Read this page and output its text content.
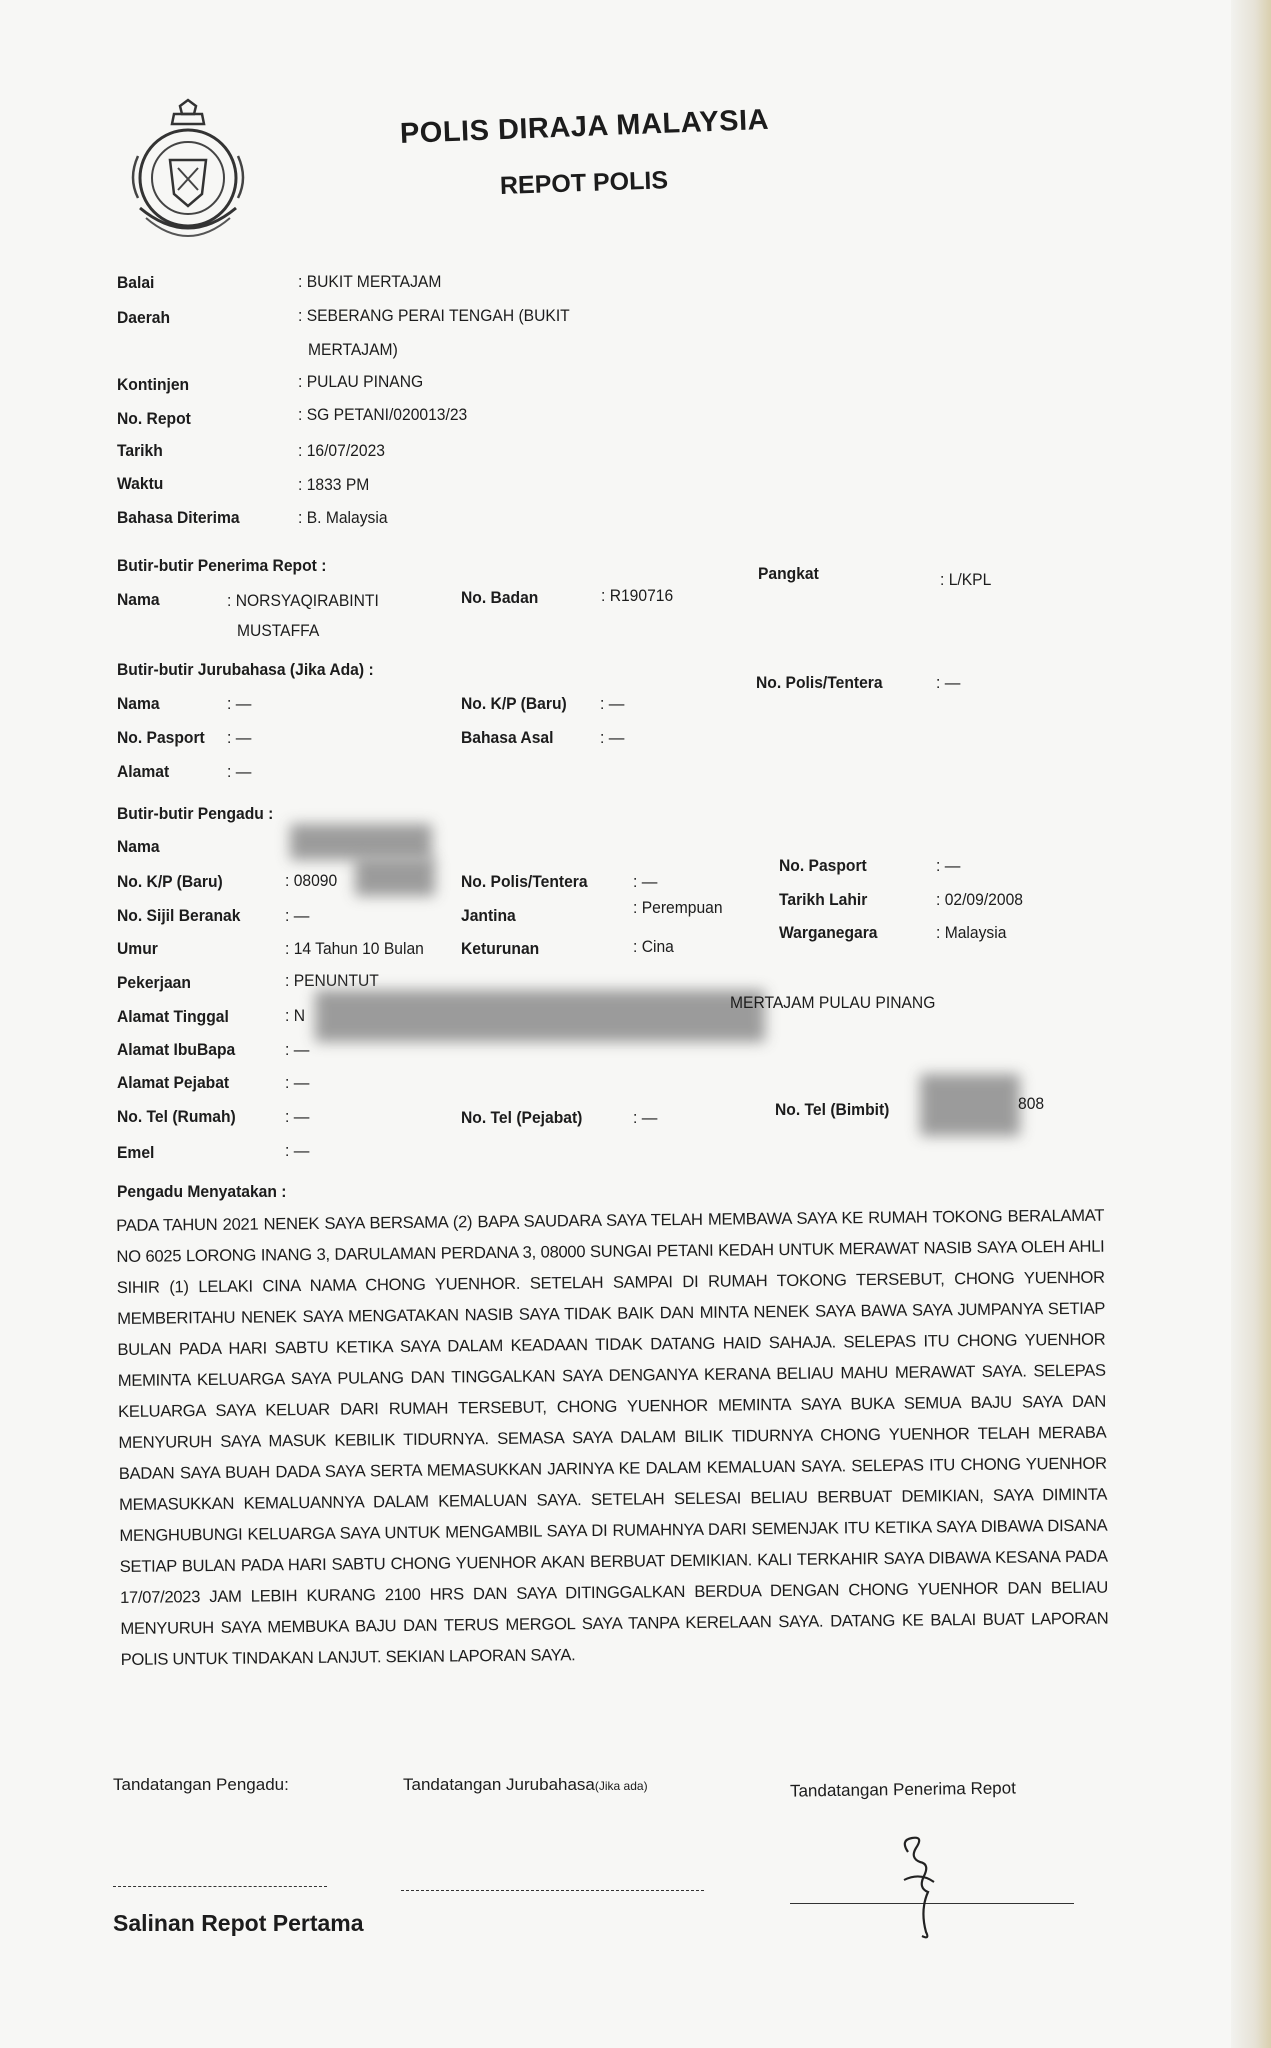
POLIS DIRAJA MALAYSIA
REPOT POLIS
Balai	: BUKIT MERTAJAM
Daerah	: SEBERANG PERAI TENGAH (BUKIT
MERTAJAM)
Kontinjen	: PULAU PINANG
No. Repot	: SG PETANI/020013/23
Tarikh	: 16/07/2023
Waktu	: 1833 PM
Bahasa Diterima	: B. Malaysia
Butir-butir Penerima Repot :
Nama	: NORSYAQIRABINTI
MUSTAFFA
No. Badan	: R190716
Pangkat	: L/KPL
Butir-butir Jurubahasa (Jika Ada) :
No. Polis/Tentera	: —
Nama	: —	No. K/P (Baru) : —
No. Pasport : —	Bahasa Asal	: —
Alamat	: —
Butir-butir Pengadu :
Nama
No. K/P (Baru)	: 08090	No. Polis/Tentera	: —
No. Pasport	: —
No. Sijil Beranak	: —	Jantina	: Perempuan	Tarikh Lahir	: 02/09/2008
Umur	: 14 Tahun 10 Bulan Keturunan	: Cina
Warganegara	: Malaysia
Pekerjaan	: PENUNTUT
Alamat Tinggal	: N
MERTAJAM PULAU PINANG
Alamat IbuBapa	: —
Alamat Pejabat	: —
No. Tel (Rumah)	: —	No. Tel (Pejabat)	: —	No. Tel (Bimbit)	808
Emel	: —
Pengadu Menyatakan :
PADA TAHUN 2021 NENEK SAYA BERSAMA (2) BAPA SAUDARA SAYA TELAH MEMBAWA SAYA KE RUMAH TOKONG BERALAMAT NO 6025 LORONG INANG 3, DARULAMAN PERDANA 3, 08000 SUNGAI PETANI KEDAH UNTUK MERAWAT NASIB SAYA OLEH AHLI SIHIR (1) LELAKI CINA NAMA CHONG YUENHOR. SETELAH SAMPAI DI RUMAH TOKONG TERSEBUT, CHONG YUENHOR MEMBERITAHU NENEK SAYA MENGATAKAN NASIB SAYA TIDAK BAIK DAN MINTA NENEK SAYA BAWA SAYA JUMPANYA SETIAP BULAN PADA HARI SABTU KETIKA SAYA DALAM KEADAAN TIDAK DATANG HAID SAHAJA. SELEPAS ITU CHONG YUENHOR MEMINTA KELUARGA SAYA PULANG DAN TINGGALKAN SAYA DENGANYA KERANA BELIAU MAHU MERAWAT SAYA. SELEPAS KELUARGA SAYA KELUAR DARI RUMAH TERSEBUT, CHONG YUENHOR MEMINTA SAYA BUKA SEMUA BAJU SAYA DAN MENYURUH SAYA MASUK KEBILIK TIDURNYA. SEMASA SAYA DALAM BILIK TIDURNYA CHONG YUENHOR TELAH MERABA BADAN SAYA BUAH DADA SAYA SERTA MEMASUKKAN JARINYA KE DALAM KEMALUAN SAYA. SELEPAS ITU CHONG YUENHOR MEMASUKKAN KEMALUANNYA DALAM KEMALUAN SAYA. SETELAH SELESAI BELIAU BERBUAT DEMIKIAN, SAYA DIMINTA MENGHUBUNGI KELUARGA SAYA UNTUK MENGAMBIL SAYA DI RUMAHNYA DARI SEMENJAK ITU KETIKA SAYA DIBAWA DISANA SETIAP BULAN PADA HARI SABTU CHONG YUENHOR AKAN BERBUAT DEMIKIAN. KALI TERKAHIR SAYA DIBAWA KESANA PADA 17/07/2023 JAM LEBIH KURANG 2100 HRS DAN SAYA DITINGGALKAN BERDUA DENGAN CHONG YUENHOR DAN BELIAU MENYURUH SAYA MEMBUKA BAJU DAN TERUS MERGOL SAYA TANPA KERELAAN SAYA. DATANG KE BALAI BUAT LAPORAN POLIS UNTUK TINDAKAN LANJUT. SEKIAN LAPORAN SAYA.
Tandatangan Pengadu:	Tandatangan Jurubahasa(Jika ada)	Tandatangan Penerima Repot
Salinan Repot Pertama
